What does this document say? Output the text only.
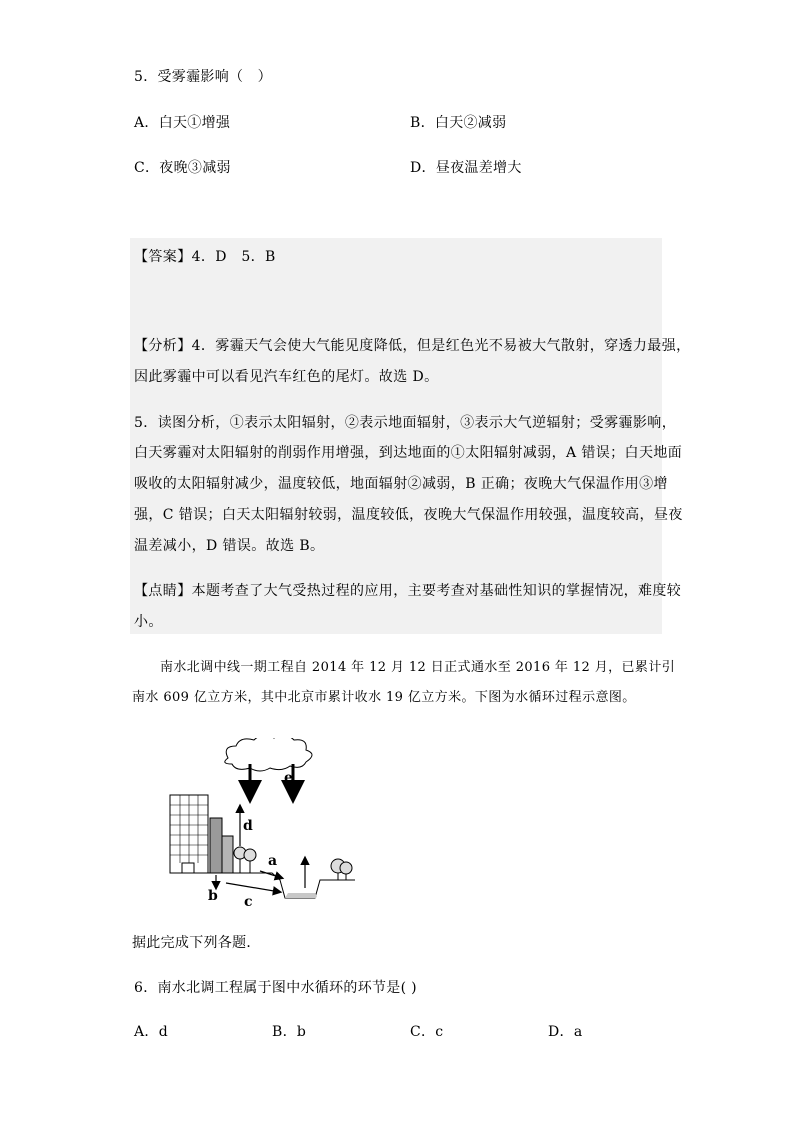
5．受雾霾影响（　）
A．白天①增强	B．白天②减弱
C．夜晚③减弱	D．昼夜温差增大
【答案】4．D　5．B
【分析】4．雾霾天气会使大气能见度降低，但是红色光不易被大气散射，穿透力最强，
因此雾霾中可以看见汽车红色的尾灯。故选 D。
5．读图分析，①表示太阳辐射，②表示地面辐射，③表示大气逆辐射；受雾霾影响，
白天雾霾对太阳辐射的削弱作用增强，到达地面的①太阳辐射减弱，A 错误；白天地面
吸收的太阳辐射减少，温度较低，地面辐射②减弱，B 正确；夜晚大气保温作用③增
强，C 错误；白天太阳辐射较弱，温度较低，夜晚大气保温作用较强，温度较高，昼夜
温差减小，D 错误。故选 B。
【点睛】本题考查了大气受热过程的应用，主要考查对基础性知识的掌握情况，难度较
小。
南水北调中线一期工程自 2014 年 12 月 12 日正式通水至 2016 年 12 月，已累计引
南水 609 亿立方米，其中北京市累计收水 19 亿立方米。下图为水循环过程示意图。
e
d
a
b c
据此完成下列各题．
6．南水北调工程属于图中水循环的环节是( )
A．d	B．b	C．c	D．a
